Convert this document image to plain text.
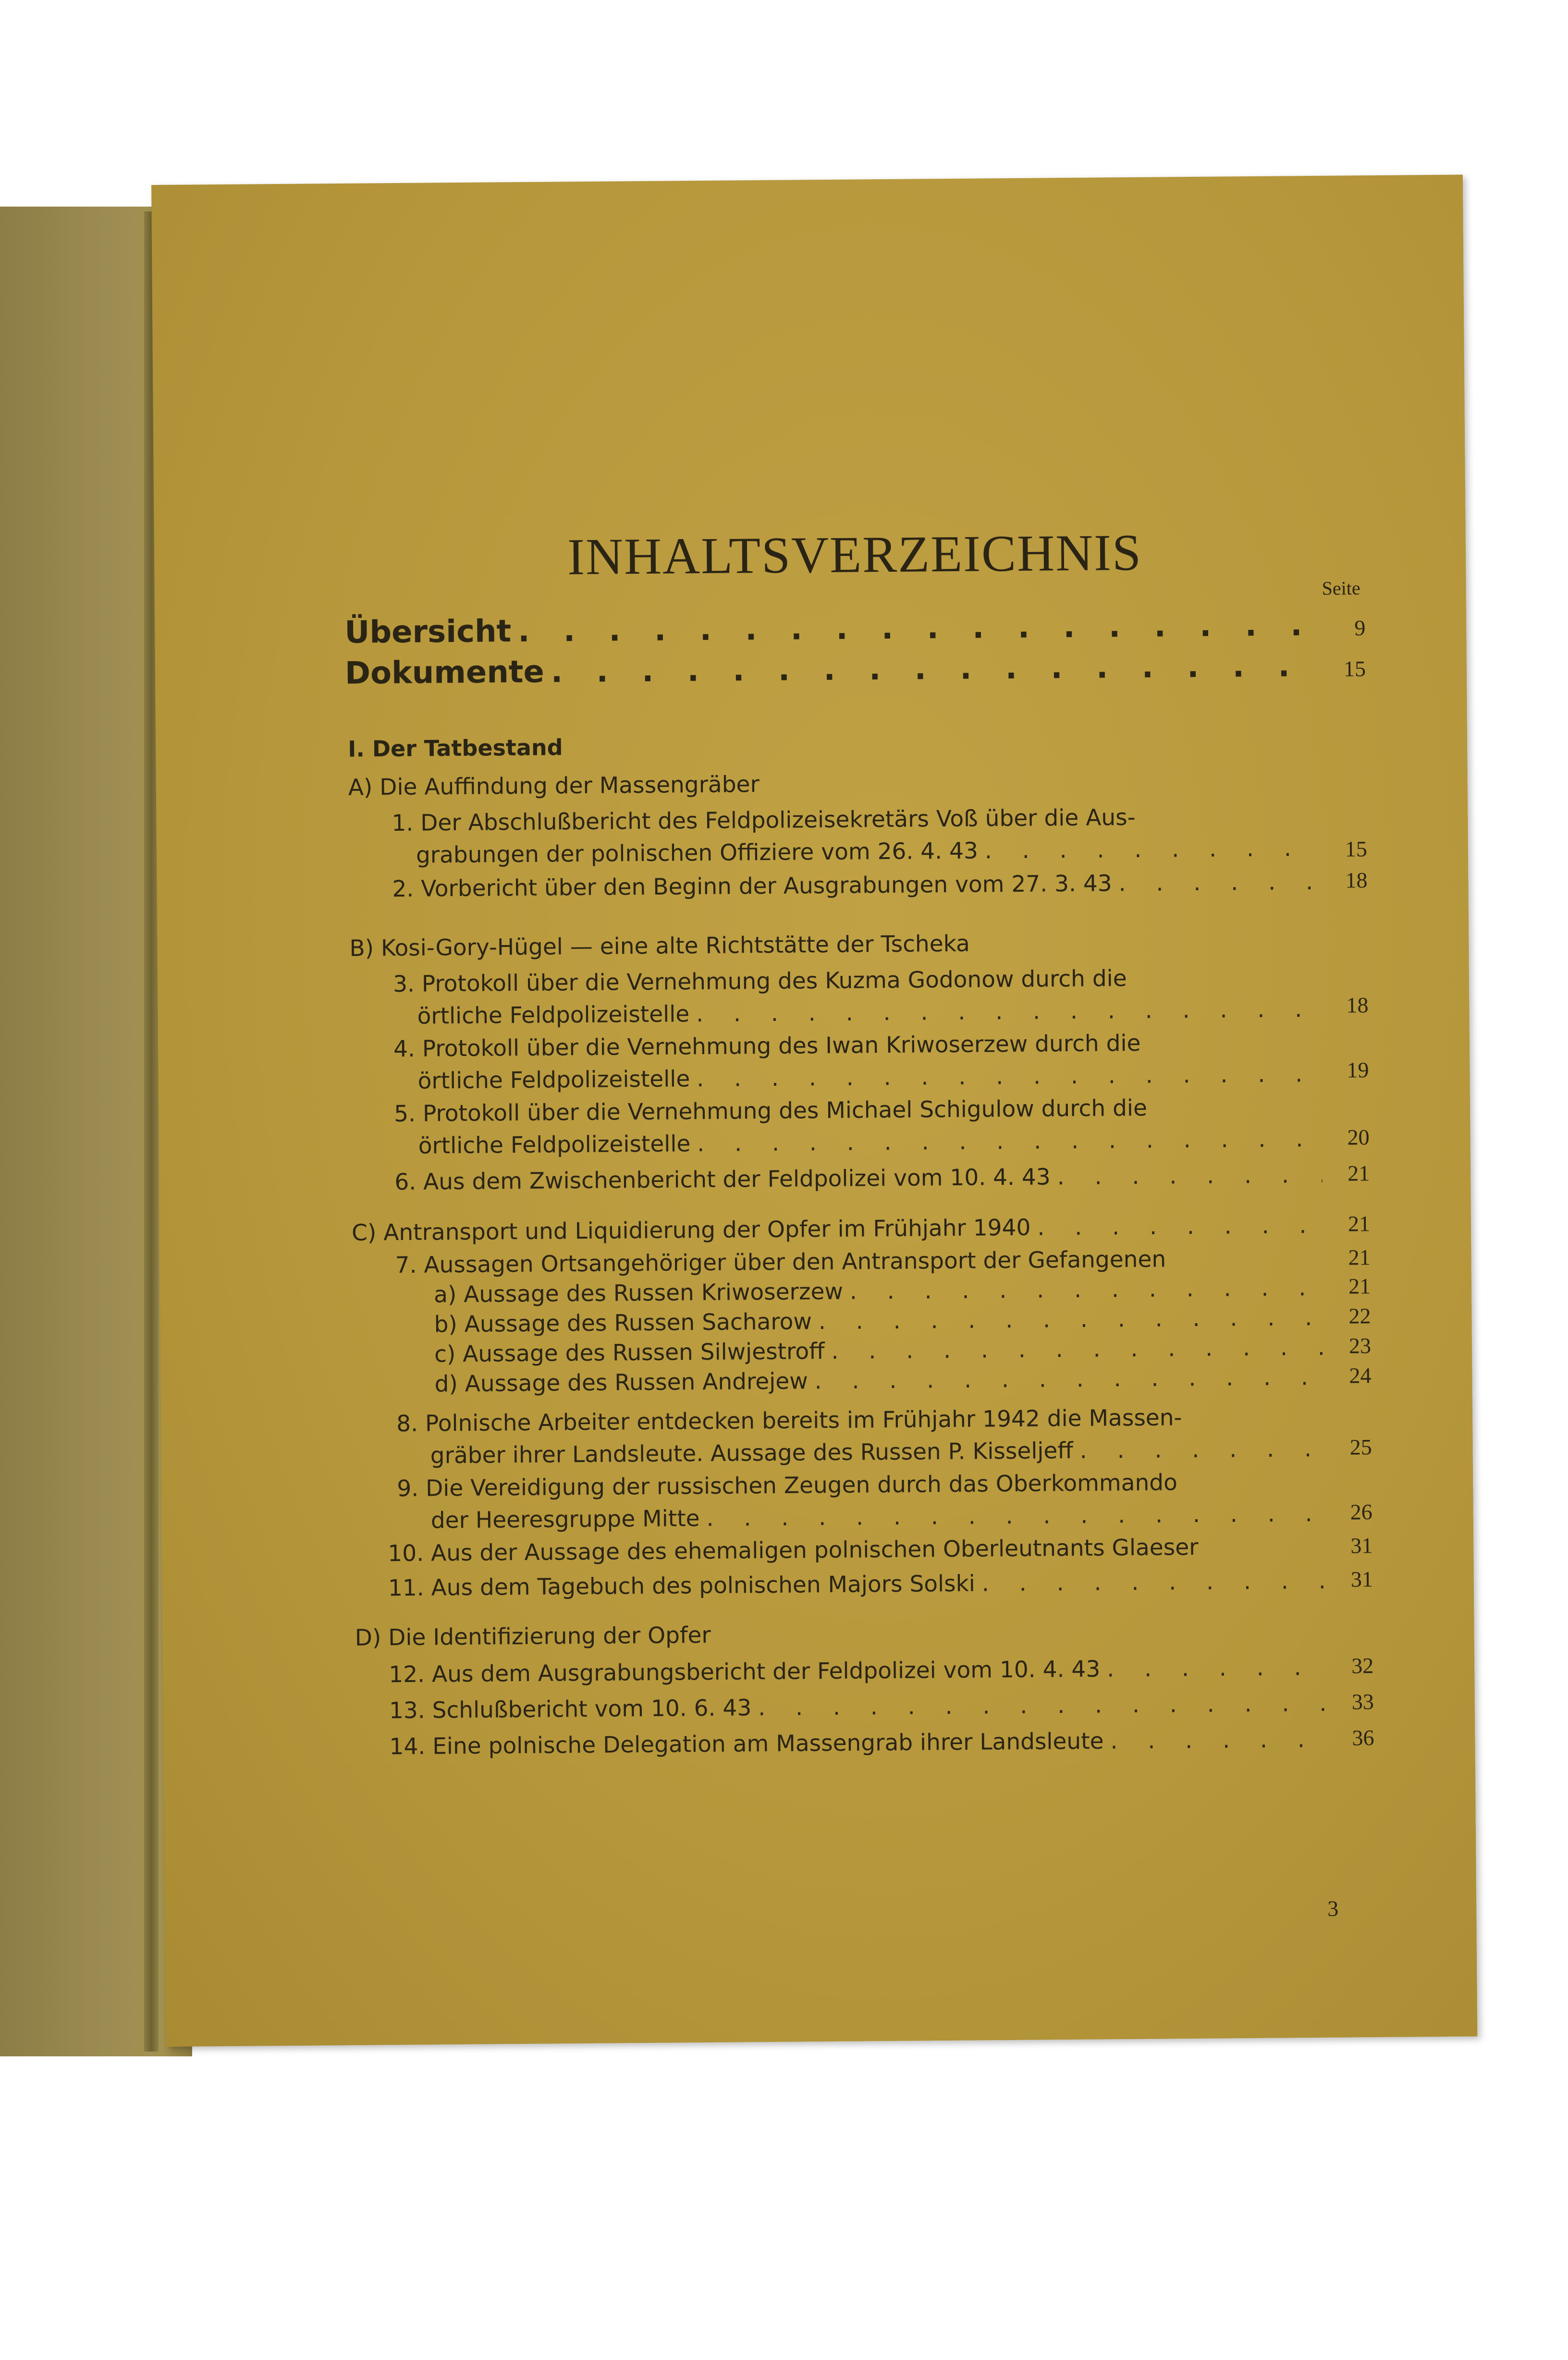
INHALTSVERZEICHNIS
Seite
Übersicht . . .	9
Dokumente . . .	15
I. Der Tatbestand
A) Die Auffindung der Massengräber
1. Der Abschlußbericht des Feldpolizeisekretärs Voß über die Aus-
grabungen der polnischen Offiziere vom 26. 4. 43 . . .	15
2. Vorbericht über den Beginn der Ausgrabungen vom 27. 3. 43 . . .	18
B) Kosi-Gory-Hügel — eine alte Richtstätte der Tscheka
3. Protokoll über die Vernehmung des Kuzma Godonow durch die
örtliche Feldpolizeistelle . . .	18
4. Protokoll über die Vernehmung des Iwan Kriwoserzew durch die
örtliche Feldpolizeistelle . . .	19
5. Protokoll über die Vernehmung des Michael Schigulow durch die
örtliche Feldpolizeistelle . . .	20
6. Aus dem Zwischenbericht der Feldpolizei vom 10. 4. 43 . . .	21
C) Antransport und Liquidierung der Opfer im Frühjahr 1940 . . .	21
7. Aussagen Ortsangehöriger über den Antransport der Gefangenen	21
a) Aussage des Russen Kriwoserzew . . .	21
b) Aussage des Russen Sacharow . . .	22
c) Aussage des Russen Silwjestroff . . .	23
d) Aussage des Russen Andrejew . . .	24
8. Polnische Arbeiter entdecken bereits im Frühjahr 1942 die Massen-
gräber ihrer Landsleute. Aussage des Russen P. Kisseljeff . . .	25
9. Die Vereidigung der russischen Zeugen durch das Oberkommando
der Heeresgruppe Mitte . . .	26
10. Aus der Aussage des ehemaligen polnischen Oberleutnants Glaeser	31
11. Aus dem Tagebuch des polnischen Majors Solski . . .	31
D) Die Identifizierung der Opfer
12. Aus dem Ausgrabungsbericht der Feldpolizei vom 10. 4. 43 . . .	32
13. Schlußbericht vom 10. 6. 43 . . .	33
14. Eine polnische Delegation am Massengrab ihrer Landsleute . . .	36
3
